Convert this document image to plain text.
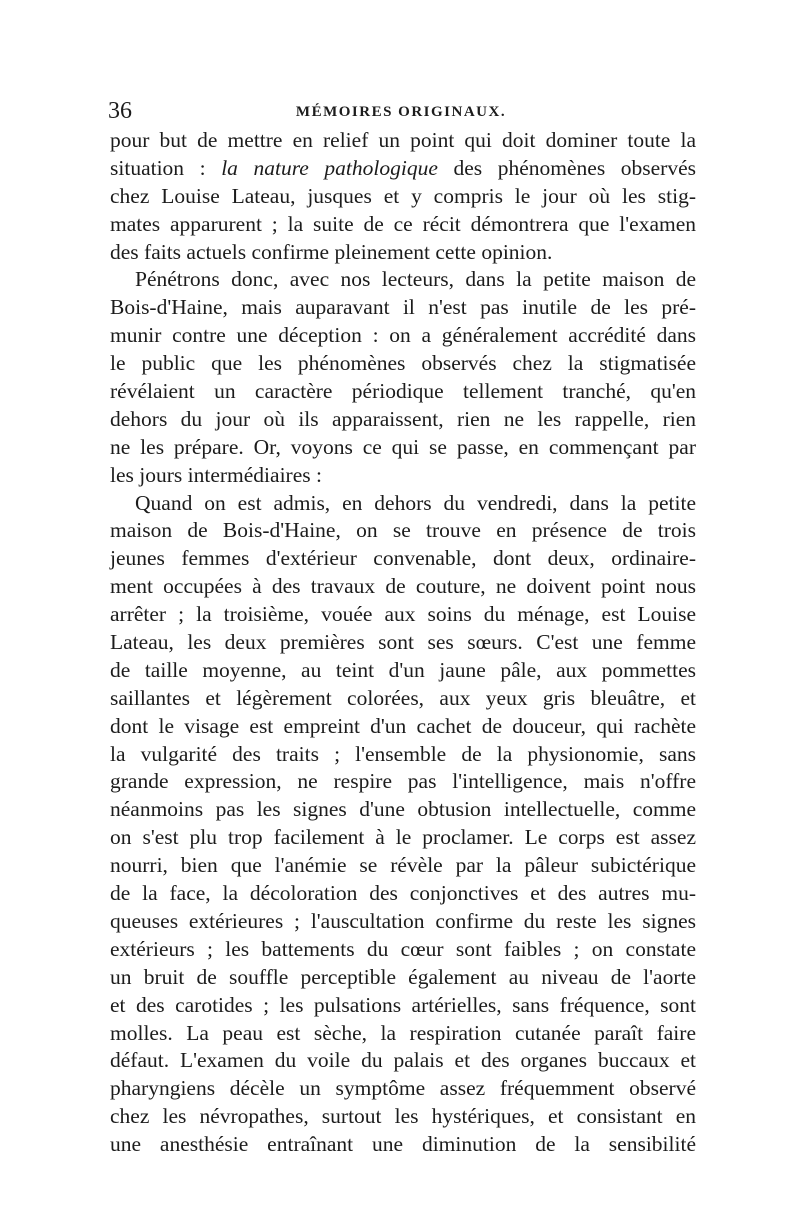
36	MÉMOIRES ORIGINAUX.
pour but de mettre en relief un point qui doit dominer toute la
situation : la nature pathologique des phénomènes observés
chez Louise Lateau, jusques et y compris le jour où les stig-
mates apparurent ; la suite de ce récit démontrera que l'examen
des faits actuels confirme pleinement cette opinion.
Pénétrons donc, avec nos lecteurs, dans la petite maison de
Bois-d'Haine, mais auparavant il n'est pas inutile de les pré-
munir contre une déception : on a généralement accrédité dans
le public que les phénomènes observés chez la stigmatisée
révélaient un caractère périodique tellement tranché, qu'en
dehors du jour où ils apparaissent, rien ne les rappelle, rien
ne les prépare. Or, voyons ce qui se passe, en commençant par
les jours intermédiaires :
Quand on est admis, en dehors du vendredi, dans la petite
maison de Bois-d'Haine, on se trouve en présence de trois
jeunes femmes d'extérieur convenable, dont deux, ordinaire-
ment occupées à des travaux de couture, ne doivent point nous
arrêter ; la troisième, vouée aux soins du ménage, est Louise
Lateau, les deux premières sont ses sœurs. C'est une femme
de taille moyenne, au teint d'un jaune pâle, aux pommettes
saillantes et légèrement colorées, aux yeux gris bleuâtre, et
dont le visage est empreint d'un cachet de douceur, qui rachète
la vulgarité des traits ; l'ensemble de la physionomie, sans
grande expression, ne respire pas l'intelligence, mais n'offre
néanmoins pas les signes d'une obtusion intellectuelle, comme
on s'est plu trop facilement à le proclamer. Le corps est assez
nourri, bien que l'anémie se révèle par la pâleur subictérique
de la face, la décoloration des conjonctives et des autres mu-
queuses extérieures ; l'auscultation confirme du reste les signes
extérieurs ; les battements du cœur sont faibles ; on constate
un bruit de souffle perceptible également au niveau de l'aorte
et des carotides ; les pulsations artérielles, sans fréquence, sont
molles. La peau est sèche, la respiration cutanée paraît faire
défaut. L'examen du voile du palais et des organes buccaux et
pharyngiens décèle un symptôme assez fréquemment observé
chez les névropathes, surtout les hystériques, et consistant en
une anesthésie entraînant une diminution de la sensibilité
